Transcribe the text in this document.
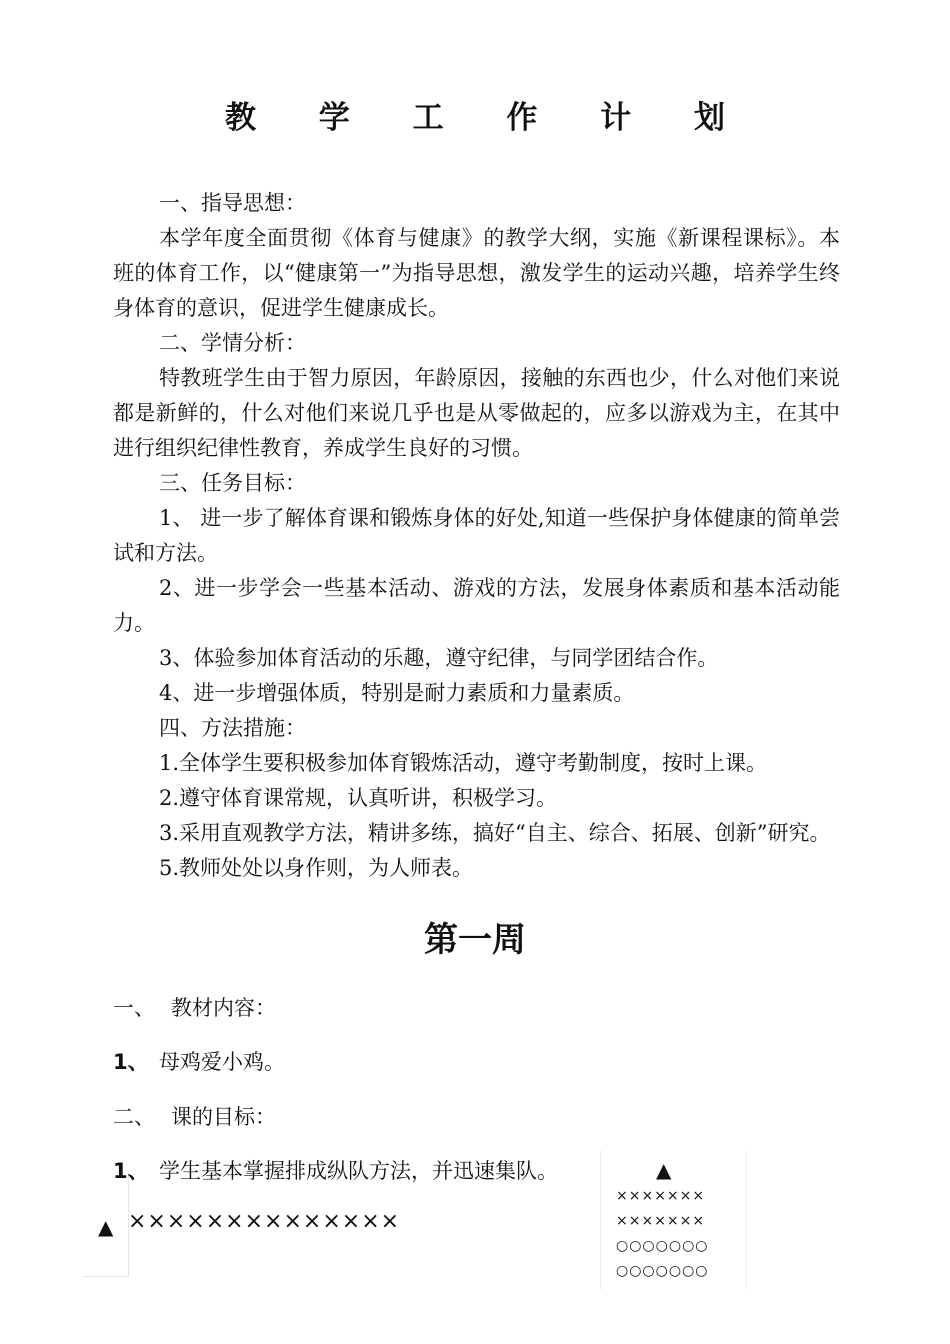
教 学 工 作 计 划

一、指导思想：

本学年度全面贯彻《体育与健康》的教学大纲，实施《新课程课标》。本班的体育工作，以“健康第一”为指导思想，激发学生的运动兴趣，培养学生终身体育的意识，促进学生健康成长。

二、学情分析：

特教班学生由于智力原因，年龄原因，接触的东西也少，什么对他们来说都是新鲜的，什么对他们来说几乎也是从零做起的，应多以游戏为主，在其中进行组织纪律性教育，养成学生良好的习惯。

三、任务目标：

1、 进一步了解体育课和锻炼身体的好处,知道一些保护身体健康的简单尝试和方法。

2、进一步学会一些基本活动、游戏的方法，发展身体素质和基本活动能力。

3、体验参加体育活动的乐趣，遵守纪律，与同学团结合作。

4、进一步增强体质，特别是耐力素质和力量素质。

四、方法措施：

1.全体学生要积极参加体育锻炼活动，遵守考勤制度，按时上课。

2.遵守体育课常规，认真听讲，积极学习。

3.采用直观教学方法，精讲多练，搞好“自主、综合、拓展、创新”研究。

5.教师处处以身作则，为人师表。

第一周
一、 教材内容：
1、 母鸡爱小鸡。
二、 课的目标：
1、 学生基本掌握排成纵队方法，并迅速集队。
▲ ××××××××××××××
▲
×××××××
×××××××
○○○○○○○
○○○○○○○
